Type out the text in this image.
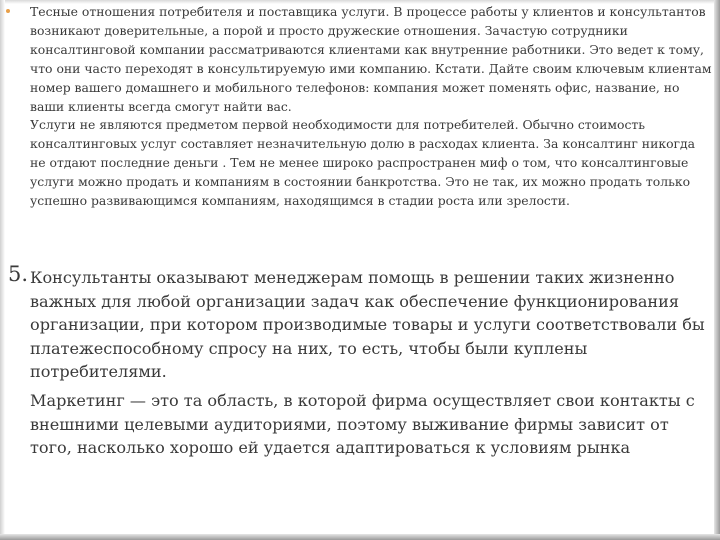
Тесные отношения потребителя и поставщика услуги. В процессе работы у клиентов и консультантов возникают доверительные, а порой и просто дружеские отношения. Зачастую сотрудники консалтинговой компании рассматриваются клиентами как внутренние работники. Это ведет к тому, что они часто переходят в консультируемую ими компанию. Кстати. Дайте своим ключевым клиентам номер вашего домашнего и мобильного телефонов: компания может поменять офис, название, но ваши клиенты всегда смогут найти вас.

Услуги не являются предметом первой необходимости для потребителей. Обычно стоимость консалтинговых услуг составляет незначительную долю в расходах клиента. За консалтинг никогда не отдают последние деньги . Тем не менее широко распространен миф о том, что консалтинговые услуги можно продать и компаниям в состоянии банкротства. Это не так, их можно продать только успешно развивающимся компаниям, находящимся в стадии роста или зрелости.

5. Консультанты оказывают менеджерам помощь в решении таких жизненно важных для любой организации задач как обеспечение функционирования организации, при котором производимые товары и услуги соответствовали бы платежеспособному спросу на них, то есть, чтобы были куплены потребителями.

Маркетинг — это та область, в которой фирма осуществляет свои контакты с внешними целевыми аудиториями, поэтому выживание фирмы зависит от того, насколько хорошо ей удается адаптироваться к условиям рынка
